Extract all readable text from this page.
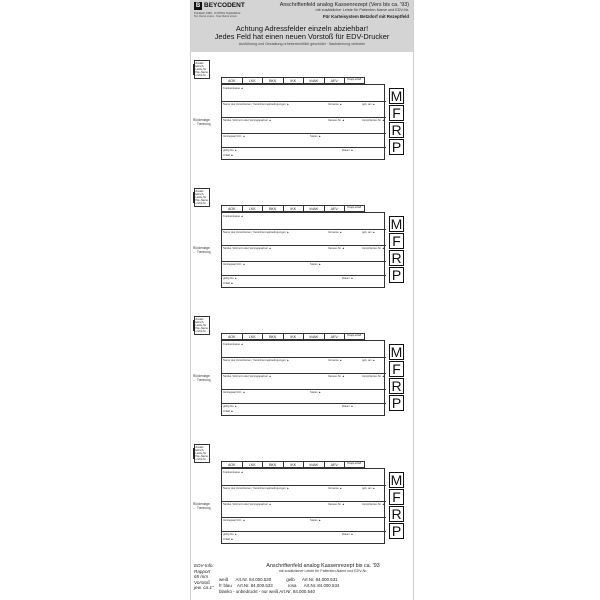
B BEYCODENT
Postfach 1360 · D-57501 Teplitz/Ruhr
Tel. 0xxxx xxxxx · Fax 0xxxx xxxxx
Anschriftenfeld analog Kassenrezept (Vers bis ca. '93)
mit zusätzlicher Leiste für Patienten-Name und EDV-Nr.
Für Karteisystem Betzdorf mit Rezeptfeld
Achtung Adressfelder einzeln abziehbar!
Jedes Feld hat einen neuen Vorstoß für EDV-Drucker
Ausführung und Gestaltung urheberrechtlich geschützt · Nachahmung verboten
Zusatz-
Einsch-
Leiste für
Pat.-Name
und E-Nr.
AOK	LKK	BKK	IKK	VdAK	AEV	Knapp-schaft
Krankenkasse ▲
Name des Versicherten / Versicherungsbedingungen ▲	Vorname ▲	geb. am ▲
Straße, Wohnort oder Vertragspartner ▲	Kassen-Nr. ▲	Versicherten-Nr. ▲
Vertragsarzt-Nr. ▲	Status ▲
gültig bis ▲	Datum ▲
Unfall ▲
Rückenlage
← Trennung
M
F
R
P
Zusatz-
Einsch-
Leiste für
Pat.-Name
und E-Nr.
AOK	LKK	BKK	IKK	VdAK	AEV	Knapp-schaft
Krankenkasse ▲
Name des Versicherten / Versicherungsbedingungen ▲	Vorname ▲	geb. am ▲
Straße, Wohnort oder Vertragspartner ▲	Kassen-Nr. ▲	Versicherten-Nr. ▲
Vertragsarzt-Nr. ▲	Status ▲
gültig bis ▲	Datum ▲
Unfall ▲
Rückenlage
← Trennung
M
F
R
P
Zusatz-
Einsch-
Leiste für
Pat.-Name
und E-Nr.
AOK	LKK	BKK	IKK	VdAK	AEV	Knapp-schaft
Krankenkasse ▲
Name des Versicherten / Versicherungsbedingungen ▲	Vorname ▲	geb. am ▲
Straße, Wohnort oder Vertragspartner ▲	Kassen-Nr. ▲	Versicherten-Nr. ▲
Vertragsarzt-Nr. ▲	Status ▲
gültig bis ▲	Datum ▲
Unfall ▲
Rückenlage
← Trennung
M
F
R
P
Zusatz-
Einsch-
Leiste für
Pat.-Name
und E-Nr.
AOK	LKK	BKK	IKK	VdAK	AEV	Knapp-schaft
Krankenkasse ▲
Name des Versicherten / Versicherungsbedingungen ▲	Vorname ▲	geb. am ▲
Straße, Wohnort oder Vertragspartner ▲	Kassen-Nr. ▲	Versicherten-Nr. ▲
Vertragsarzt-Nr. ▲	Status ▲
gültig bis ▲	Datum ▲
Unfall ▲
Rückenlage
← Trennung
M
F
R
P
EDV-Info:
Rapport
65 mm
Vorstoß
jew. ca.1"
Anschriftenfeld analog Kassenrezept bis ca. '93
mit zusätzlicher Leiste für Patienten-Name und EDV-Nr.
weiß Art.Nr. 84.000.530	gelb Art.Nr. 84.000.531
h' blau Art.Nr. 84.000.533	rosa Art.Nr. 84.000.534
blanko - unbedruckt - nur weiß Art.Nr. 84.000.540
